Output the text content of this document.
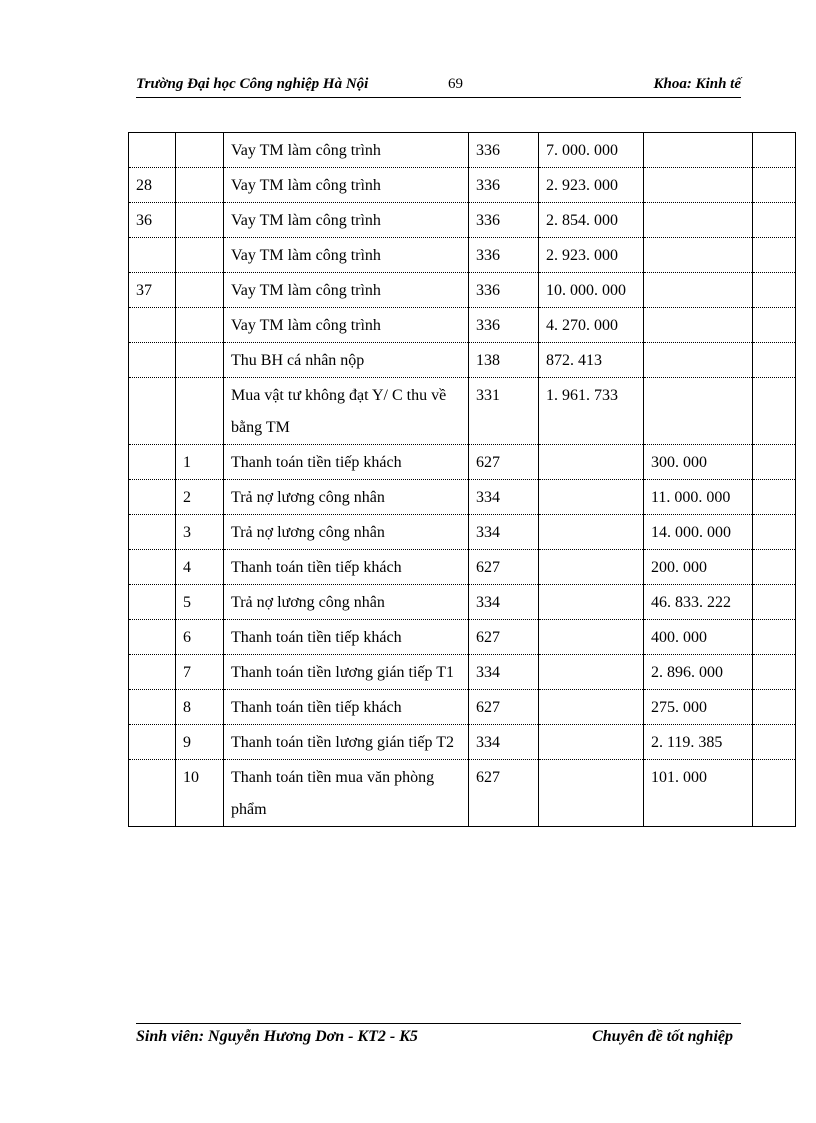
Trường Đại học Công nghiệp Hà Nội	69	Khoa: Kinh tế
		Vay TM làm công trình	336	7. 000. 000		
28		Vay TM làm công trình	336	2. 923. 000		
36		Vay TM làm công trình	336	2. 854. 000		
		Vay TM làm công trình	336	2. 923. 000		
37		Vay TM làm công trình	336	10. 000. 000		
		Vay TM làm công trình	336	4. 270. 000		
		Thu BH cá nhân nộp	138	872. 413		
		Mua vật tư không đạt Y/ C thu về bằng TM	331	1. 961. 733		
	1	Thanh toán tiền tiếp khách	627		300. 000	
	2	Trả nợ lương công nhân	334		11. 000. 000	
	3	Trả nợ lương công nhân	334		14. 000. 000	
	4	Thanh toán tiền tiếp khách	627		200. 000	
	5	Trả nợ lương công nhân	334		46. 833. 222	
	6	Thanh toán tiền tiếp khách	627		400. 000	
	7	Thanh toán tiền lương gián tiếp T1	334		2. 896. 000	
	8	Thanh toán tiền tiếp khách	627		275. 000	
	9	Thanh toán tiền lương gián tiếp T2	334		2. 119. 385	
	10	Thanh toán tiền mua văn phòng phẩm	627		101. 000	
Sinh viên: Nguyễn Hương Dơn - KT2 - K5	Chuyên đề tốt nghiệp
